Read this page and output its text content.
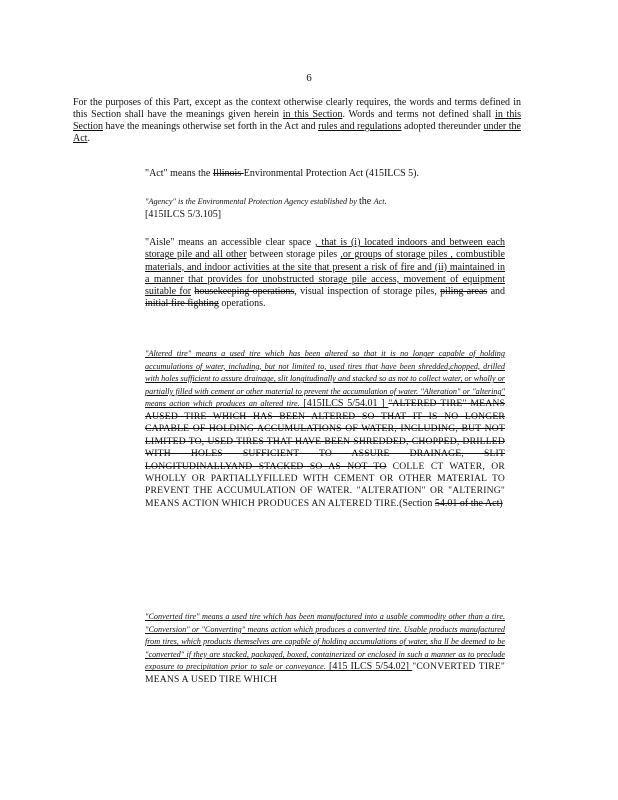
6
For the purposes of this Part, except as the context otherwise clearly requires, the words and terms defined in this Section shall have the meanings given herein in this Section. Words and terms not defined shall in this Section have the meanings otherwise set forth in the Act and rules and regulations adopted thereunder under the Act.
"Act" means the Illinois Environmental Protection Act (415ILCS 5).
"Agency" is the Environmental Protection Agency established by the Act.
[415ILCS 5/3.105]
"Aisle" means an accessible clear space , that is (i) located indoors and between each storage pile and all other between storage piles ,or groups of storage piles , combustible materials, and indoor activities at the site that present a risk of fire and (ii) maintained in a manner that provides for unobstructed storage pile access, movement of equipment suitable for housekeeping operations, visual inspection of storage piles, piling areas and initial fire fighting operations.
"Altered tire" means a used tire which has been altered so that it is no longer capable of holding accumulations of water, including, but not limited to, used tires that have been shredded,chopped, drilled with holes sufficient to assure drainage, slit longitudinally and stacked so as not to collect water, or wholly or partially filled with cement or other material to prevent the accumulation of water. "Alteration" or "altering" means action which produces an altered tire. [415ILCS 5/54.01 ] "ALTERED TIRE" MEANS AUSED TIRE WHICH HAS BEEN ALTERED SO THAT IT IS NO LONGER CAPABLE OF HOLDING ACCUMULATIONS OF WATER, INCLUDING, BUT NOT LIMITED TO, USED TIRES THAT HAVE BEEN SHREDDED, CHOPPED, DRILLED WITH HOLES SUFFICIENT TO ASSURE DRAINAGE, SLIT LONGITUDINALLYAND STACKED SO AS NOT TO COLLE CT WATER, OR WHOLLY OR PARTIALLYFILLED WITH CEMENT OR OTHER MATERIAL TO PREVENT THE ACCUMULATION OF WATER. "ALTERATION" OR "ALTERING" MEANS ACTION WHICH PRODUCES AN ALTERED TIRE.(Section 54.01 of the Act)
"Converted tire" means a used tire which has been manufactured into a usable commodity other than a tire. "Conversion" or "Converting" means action which produces a converted tire. Usable products manufactured from tires, which products themselves are capable of holding accumulations of water, sha ll be deemed to be "converted" if they are stacked, packaged, boxed, containerized or enclosed in such a manner as to preclude exposure to precipitation prior to sale or conveyance. [415 ILCS 5/54.02] "CONVERTED TIRE" MEANS A USED TIRE WHICH
